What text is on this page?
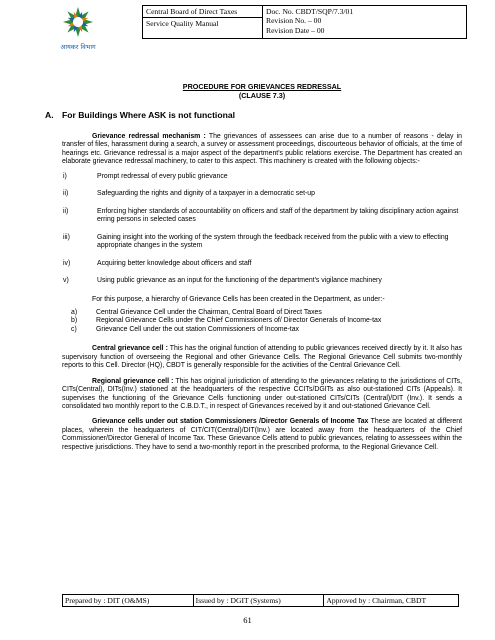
आयकर विभाग
Central Board of Direct Taxes	Doc. No. CBDT/SQP/7.3/01
Revision No. – 00
Revision Date – 00

Service Quality Manual

PROCEDURE FOR GRIEVANCES REDRESSAL

(CLAUSE 7.3)

A. For Buildings Where ASK is not functional

Grievance redressal mechanism : The grievances of assessees can arise due to a number of reasons - delay in transfer of files, harassment during a search, a survey or assessment proceedings, discourteous behavior of officials, at the time of hearings etc. Grievance redressal is a major aspect of the department's public relations exercise. The Department has created an elaborate grievance redressal machinery, to cater to this aspect. This machinery is created with the following objects:-

i)	Prompt redressal of every public grievance
ii)	Safeguarding the rights and dignity of a taxpayer in a democratic set-up
ii)	Enforcing higher standards of accountability on officers and staff of the department by taking disciplinary action against erring persons in selected cases
iii)	Gaining insight into the working of the system through the feedback received from the public with a view to effecting appropriate changes in the system
iv)	Acquiring better knowledge about officers and staff
v)	Using public grievance as an input for the functioning of the department's vigilance machinery

For this purpose, a hierarchy of Grievance Cells has been created in the Department, as under:-

a)	Central Grievance Cell under the Chairman, Central Board of Direct Taxes
b)	Regional Grievance Cells under the Chief Commissioners of/ Director Generals of Income-tax
c)	Grievance Cell under the out station Commissioners of Income-tax

Central grievance cell : This has the original function of attending to public grievances received directly by it. It also has supervisory function of overseeing the Regional and other Grievance Cells. The Regional Grievance Cell submits two-monthly reports to this Cell. Director (HQ), CBDT is generally responsible for the activities of the Central Grievance Cell.

Regional grievance cell : This has original jurisdiction of attending to the grievances relating to the jurisdictions of CITs, CITs(Central), DITs(Inv.) stationed at the headquarters of the respective CCITs/DGITs as also out-stationed CITs (Appeals). It supervises the functioning of the Grievance Cells functioning under out-stationed CITs/CITs (Central)/DIT (Inv.). It sends a consolidated two monthly report to the C.B.D.T., in respect of Grievances received by it and out-stationed Grievance Cell.

Grievance cells under out station Commissioners /Director Generals of Income Tax These are located at different places, wherein the headquarters of CIT/CIT(Central)/DIT(Inv.) are located away from the headquarters of the Chief Commissioner/Director General of Income Tax. These Grievance Cells attend to public grievances, relating to assessees within the respective jurisdictions. They have to send a two-monthly report in the prescribed proforma, to the Regional Grievance Cell.

Prepared by : DIT (O&MS)	Issued by : DGIT (Systems)	Approved by : Chairman, CBDT
61
